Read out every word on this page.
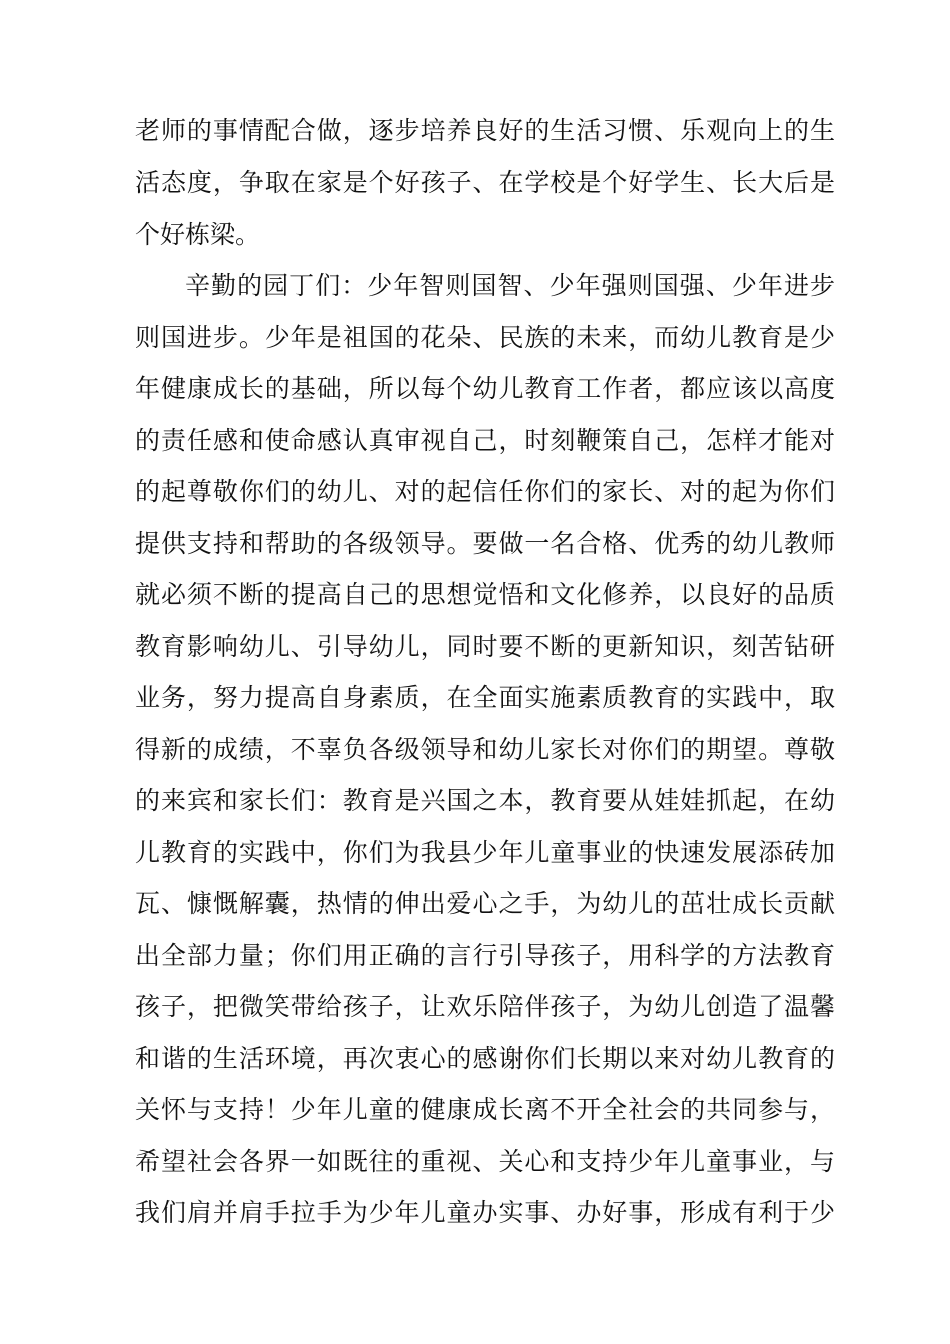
老师的事情配合做，逐步培养良好的生活习惯、乐观向上的生
活态度，争取在家是个好孩子、在学校是个好学生、长大后是
个好栋梁。
辛勤的园丁们：少年智则国智、少年强则国强、少年进步
则国进步。少年是祖国的花朵、民族的未来，而幼儿教育是少
年健康成长的基础，所以每个幼儿教育工作者，都应该以高度
的责任感和使命感认真审视自己，时刻鞭策自己，怎样才能对
的起尊敬你们的幼儿、对的起信任你们的家长、对的起为你们
提供支持和帮助的各级领导。要做一名合格、优秀的幼儿教师
就必须不断的提高自己的思想觉悟和文化修养，以良好的品质
教育影响幼儿、引导幼儿，同时要不断的更新知识，刻苦钻研
业务，努力提高自身素质，在全面实施素质教育的实践中，取
得新的成绩，不辜负各级领导和幼儿家长对你们的期望。尊敬
的来宾和家长们：教育是兴国之本，教育要从娃娃抓起，在幼
儿教育的实践中，你们为我县少年儿童事业的快速发展添砖加
瓦、慷慨解囊，热情的伸出爱心之手，为幼儿的茁壮成长贡献
出全部力量；你们用正确的言行引导孩子，用科学的方法教育
孩子，把微笑带给孩子，让欢乐陪伴孩子，为幼儿创造了温馨
和谐的生活环境，再次衷心的感谢你们长期以来对幼儿教育的
关怀与支持！少年儿童的健康成长离不开全社会的共同参与，
希望社会各界一如既往的重视、关心和支持少年儿童事业，与
我们肩并肩手拉手为少年儿童办实事、办好事，形成有利于少
